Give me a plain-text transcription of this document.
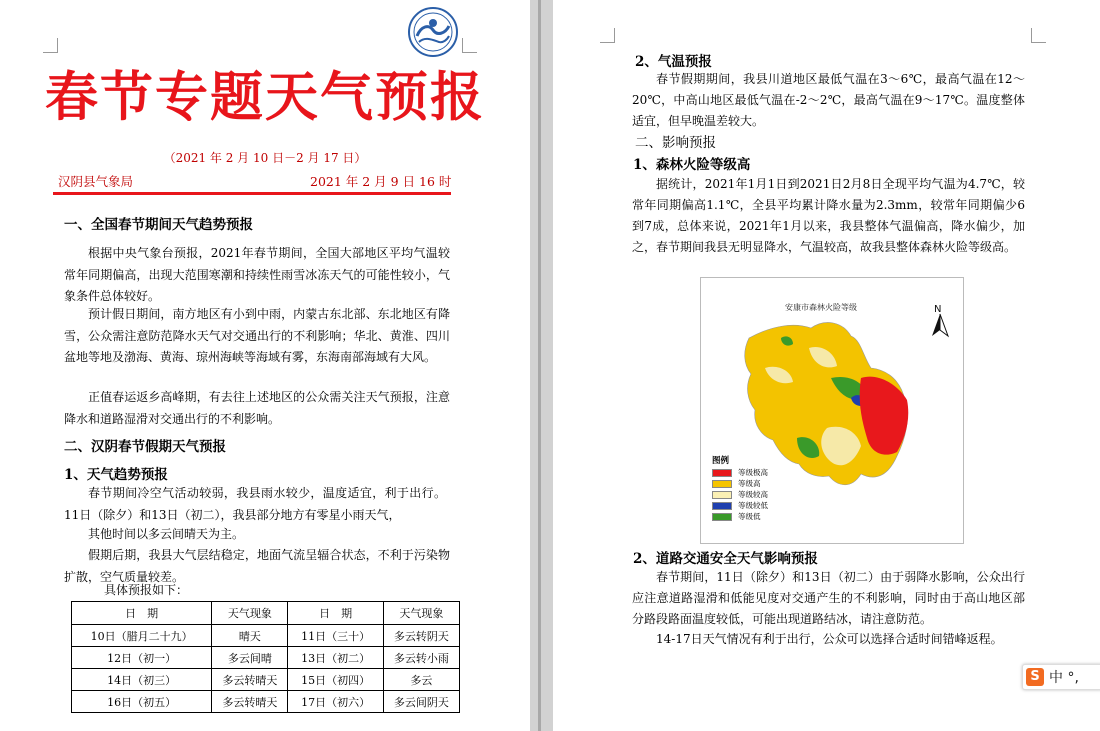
春节专题天气预报
（2021 年 2 月 10 日－2 月 17 日）
汉阴县气象局	2021 年 2 月 9 日 16 时
一、全国春节期间天气趋势预报
根据中央气象台预报，2021年春节期间，全国大部地区平均气温较常年同期偏高，出现大范围寒潮和持续性雨雪冰冻天气的可能性较小，气象条件总体较好。
预计假日期间，南方地区有小到中雨，内蒙古东北部、东北地区有降雪，公众需注意防范降水天气对交通出行的不利影响；华北、黄淮、四川盆地等地及渤海、黄海、琼州海峡等海域有雾，东海南部海域有大风。
正值春运返乡高峰期，有去往上述地区的公众需关注天气预报，注意降水和道路湿滑对交通出行的不利影响。
二、汉阴春节假期天气预报
1、天气趋势预报
春节期间冷空气活动较弱，我县雨水较少，温度适宜，利于出行。11日（除夕）和13日（初二），我县部分地方有零星小雨天气，
其他时间以多云间晴天为主。
假期后期，我县大气层结稳定，地面气流呈辐合状态，不利于污染物扩散，空气质量较差。
具体预报如下：
日　期	天气现象	日　期	天气现象
10日（腊月二十九）	晴天	11日（三十）	多云转阴天
12日（初一）	多云间晴	13日（初二）	多云转小雨
14日（初三）	多云转晴天	15日（初四）	多云
16日（初五）	多云转晴天	17日（初六）	多云间阴天
2、气温预报
春节假期期间，我县川道地区最低气温在3～6℃，最高气温在12～20℃，中高山地区最低气温在-2～2℃，最高气温在9～17℃。温度整体适宜，但早晚温差较大。
二、影响预报
1、森林火险等级高
据统计，2021年1月1日到2021日2月8日全现平均气温为4.7℃，较常年同期偏高1.1℃，全县平均累计降水量为2.3mm，较常年同期偏少6到7成，总体来说，2021年1月以来，我县整体气温偏高，降水偏少，加之，春节期间我县无明显降水，气温较高，故我县整体森林火险等级高。
安康市森林火险等级	N
图例
等级极高
等级高
等级较高
等级较低
等级低
2、道路交通安全天气影响预报
春节期间，11日（除夕）和13日（初二）由于弱降水影响，公众出行应注意道路湿滑和低能见度对交通产生的不利影响，同时由于高山地区部分路段路面温度较低，可能出现道路结冰，请注意防范。
14-17日天气情况有利于出行，公众可以选择合适时间错峰返程。
S 中 °,
